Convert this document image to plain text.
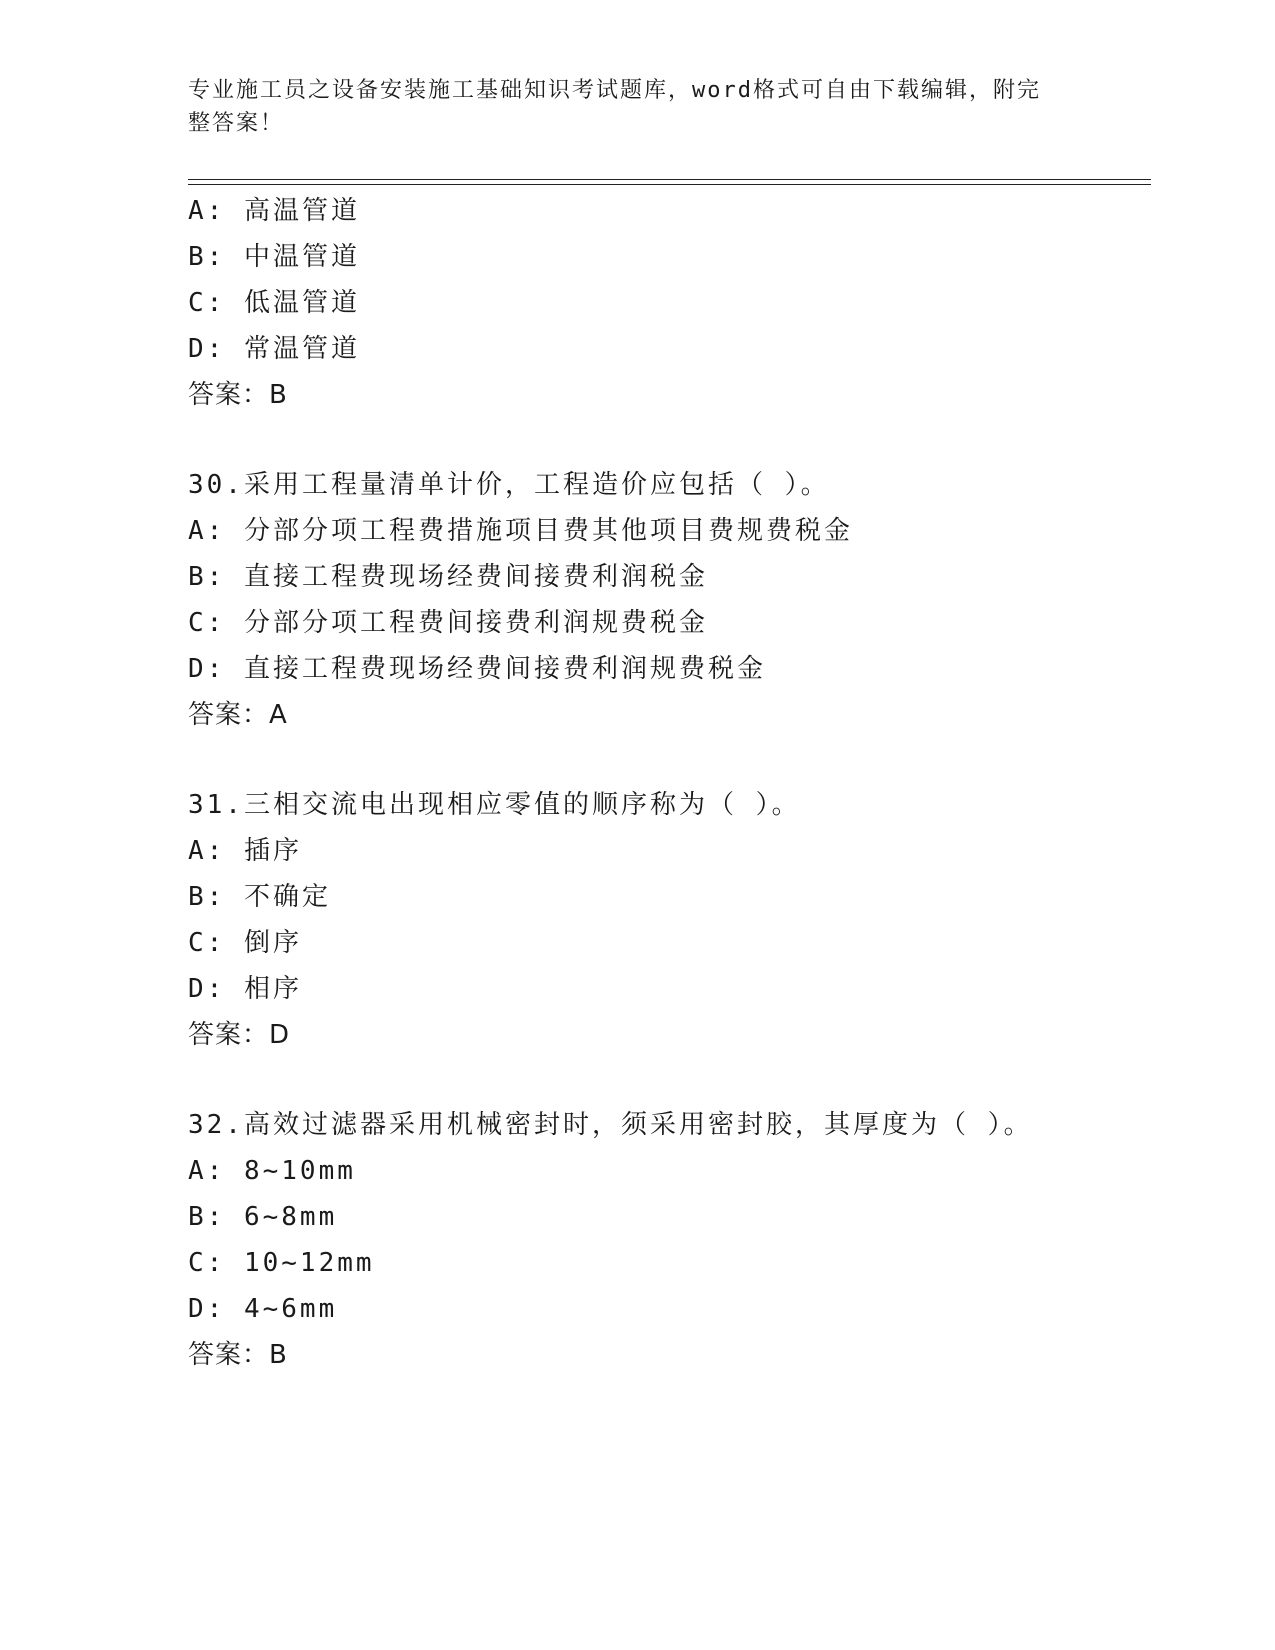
专业施工员之设备安装施工基础知识考试题库，word格式可自由下载编辑，附完
整答案！
A: 高温管道
B: 中温管道
C: 低温管道
D: 常温管道
答案：B
30.采用工程量清单计价，工程造价应包括（ ）。
A: 分部分项工程费措施项目费其他项目费规费税金
B: 直接工程费现场经费间接费利润税金
C: 分部分项工程费间接费利润规费税金
D: 直接工程费现场经费间接费利润规费税金
答案：A
31.三相交流电出现相应零值的顺序称为（ ）。
A: 插序
B: 不确定
C: 倒序
D: 相序
答案：D
32.高效过滤器采用机械密封时，须采用密封胶，其厚度为（ ）。
A: 8~10mm
B: 6~8mm
C: 10~12mm
D: 4~6mm
答案：B
